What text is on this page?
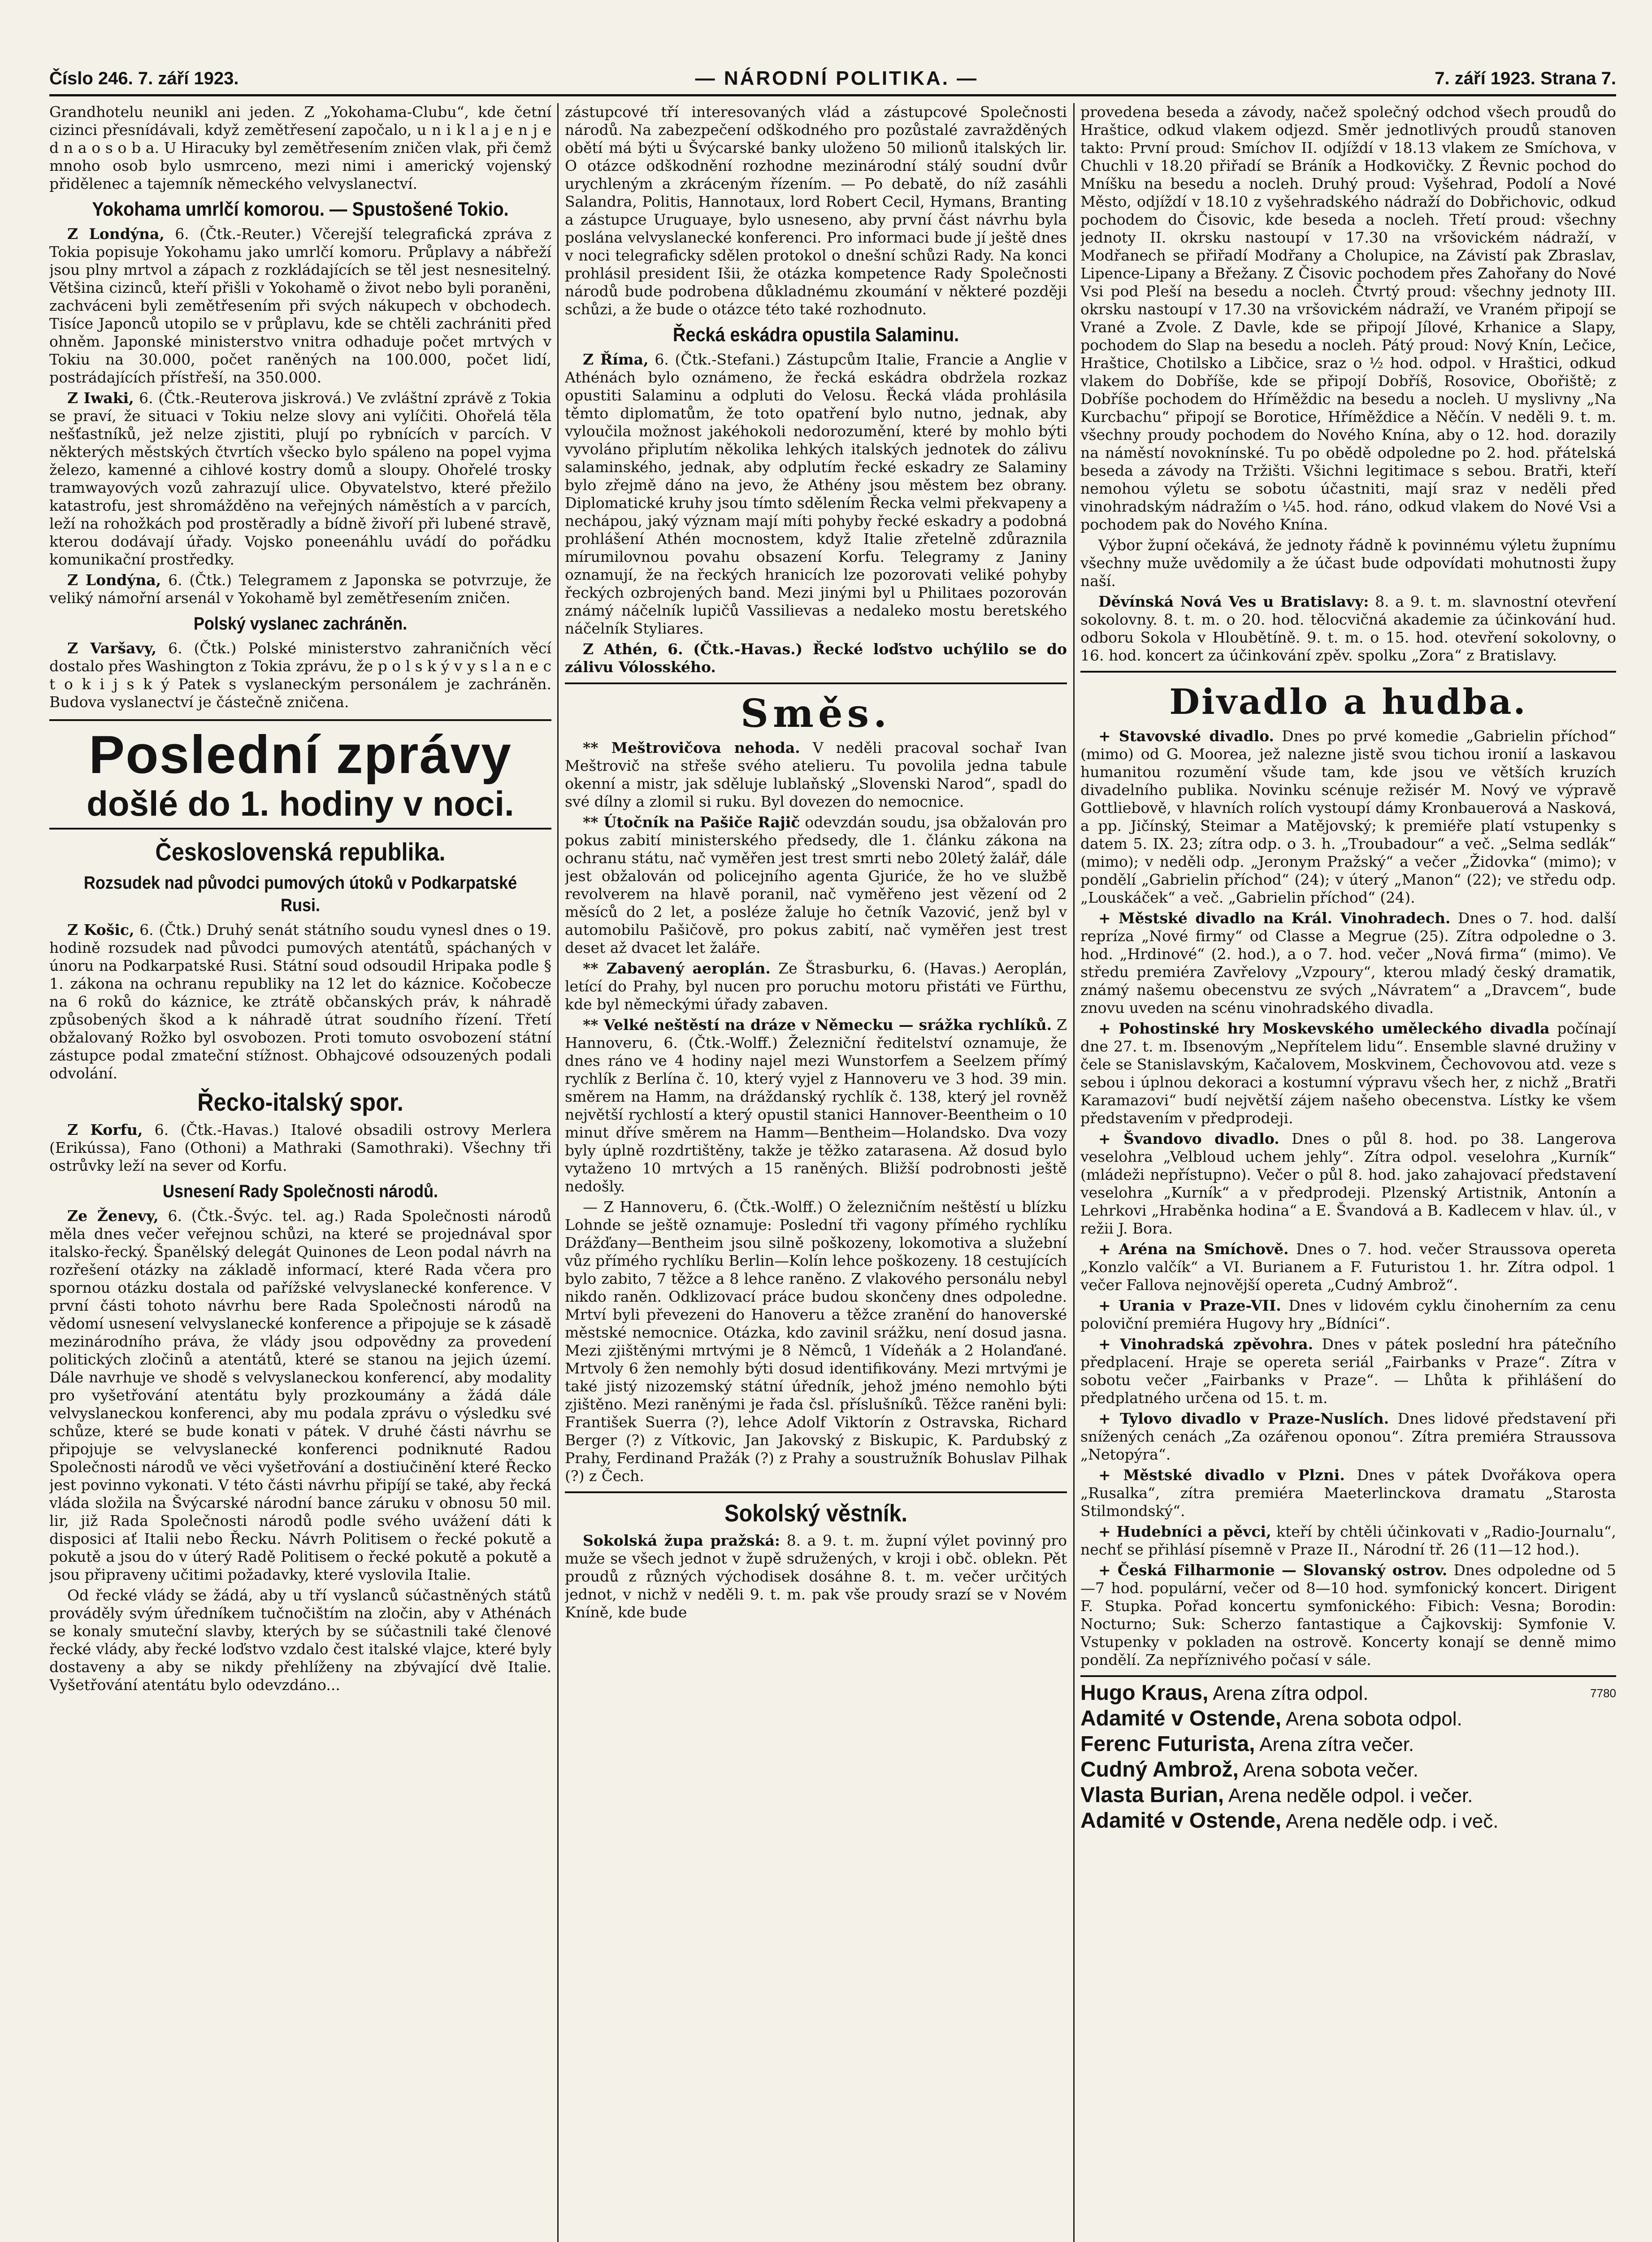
Číslo 246. 7. září 1923.	— NÁRODNÍ POLITIKA. —	7. září 1923. Strana 7.

Grandhotelu neunikl ani jeden. Z „Yokohama-Clubu“, kde četní cizinci přesnídávali, když zemětřesení započalo, u n i k l a j e n j e d n a o s o b a. U Hiracuky byl zemětřesením zničen vlak, při čemž mnoho osob bylo usmrceno, mezi nimi i americký vojenský přidělenec a tajemník německého velvyslanectví.

Yokohama umrlčí komorou. — Spustošené Tokio.

Z Londýna, 6. (Čtk.-Reuter.) Včerejší telegrafická zpráva z Tokia popisuje Yokohamu jako umrlčí komoru. Průplavy a nábřeží jsou plny mrtvol a zápach z rozkládajících se těl jest nesnesitelný. Většina cizinců, kteří přišli v Yokohamě o život nebo byli poraněni, zachváceni byli zemětřesením při svých nákupech v obchodech. Tisíce Japonců utopilo se v průplavu, kde se chtěli zachrániti před ohněm. Japonské ministerstvo vnitra odhaduje počet mrtvých v Tokiu na 30.000, počet raněných na 100.000, počet lidí, postrádajících přístřeší, na 350.000.

Z Iwaki, 6. (Čtk.-Reuterova jiskrová.) Ve zvláštní zprávě z Tokia se praví, že situaci v Tokiu nelze slovy ani vylíčiti. Ohořelá těla nešťastníků, jež nelze zjistiti, plují po rybnících v parcích. V některých městských čtvrtích všecko bylo spáleno na popel vyjma železo, kamenné a cihlové kostry domů a sloupy. Ohořelé trosky tramwayových vozů zahrazují ulice. Obyvatelstvo, které přežilo katastrofu, jest shromážděno na veřejných náměstích a v parcích, leží na rohožkách pod prostěradly a bídně živoří při lubené stravě, kterou dodávají úřady. Vojsko poneenáhlu uvádí do pořádku komunikační prostředky.

Z Londýna, 6. (Čtk.) Telegramem z Japonska se potvrzuje, že veliký námořní arsenál v Yokohamě byl zemětřesením zničen.

Polský vyslanec zachráněn.

Z Varšavy, 6. (Čtk.) Polské ministerstvo zahraničních věcí dostalo přes Washington z Tokia zprávu, že p o l s k ý v y s l a n e c t o k i j s k ý Patek s vyslaneckým personálem je zachráněn. Budova vyslanectví je částečně zničena.

Poslední zprávy
došlé do 1. hodiny v noci.
Československá republika.
Rozsudek nad původci pumových útoků v Podkarpatské Rusi.

Z Košic, 6. (Čtk.) Druhý senát státního soudu vynesl dnes o 19. hodině rozsudek nad původci pumových atentátů, spáchaných v únoru na Podkarpatské Rusi. Státní soud odsoudil Hripaka podle § 1. zákona na ochranu republiky na 12 let do káznice. Kočobecze na 6 roků do káznice, ke ztrátě občanských práv, k náhradě způsobených škod a k náhradě útrat soudního řízení. Třetí obžalovaný Rožko byl osvobozen. Proti tomuto osvobození státní zástupce podal zmateční stížnost. Obhajcové odsouzených podali odvolání.

Řecko-italský spor.

Z Korfu, 6. (Čtk.-Havas.) Italové obsadili ostrovy Merlera (Erikússa), Fano (Othoni) a Mathraki (Samothraki). Všechny tři ostrůvky leží na sever od Korfu.

Usnesení Rady Společnosti národů.

Ze Ženevy, 6. (Čtk.-Švýc. tel. ag.) Rada Společnosti národů měla dnes večer veřejnou schůzi, na které se projednával spor italsko-řecký. Španělský delegát Quinones de Leon podal návrh na rozřešení otázky na základě informací, které Rada včera pro spornou otázku dostala od pařížské velvyslanecké konference. V první části tohoto návrhu bere Rada Společnosti národů na vědomí usnesení velvyslanecké konference a připojuje se k zásadě mezinárodního práva, že vlády jsou odpovědny za provedení politických zločinů a atentátů, které se stanou na jejich území. Dále navrhuje ve shodě s velvyslaneckou konferencí, aby modality pro vyšetřování atentátu byly prozkoumány a žádá dále velvyslaneckou konferenci, aby mu podala zprávu o výsledku své schůze, které se bude konati v pátek. V druhé části návrhu se připojuje se velvyslanecké konferenci podniknuté Radou Společnosti národů ve věci vyšetřování a dostiučinění které Řecko jest povinno vykonati. V této části návrhu připíjí se také, aby řecká vláda složila na Švýcarské národní bance záruku v obnosu 50 mil. lir, již Rada Společnosti národů podle svého uvážení dáti k disposici ať Italii nebo Řecku. Návrh Politisem o řecké pokutě a pokutě a jsou do v úterý Radě Politisem o řecké pokutě a pokutě a jsou připraveny učitimi požadavky, které vyslovila Italie.

Od řecké vlády se žádá, aby u tří vyslanců súčastněných států prováděly svým úředníkem tučnočištím na zločin, aby v Athénách se konaly smuteční slavby, kterých by se súčastnili také členové řecké vlády, aby řecké loďstvo vzdalo čest italské vlajce, které byly dostaveny a aby se nikdy přehlíženy na zbývající dvě Italie. Vyšetřování atentátu bylo odevzdáno...

zástupcové tří interesovaných vlád a zástupcové Společnosti národů. Na zabezpečení odškodného pro pozůstalé zavražděných obětí má býti u Švýcarské banky uloženo 50 milionů italských lir. O otázce odškodnění rozhodne mezinárodní stálý soudní dvůr urychleným a zkráceným řízením. — Po debatě, do níž zasáhli Salandra, Politis, Hannotaux, lord Robert Cecil, Hymans, Branting a zástupce Uruguaye, bylo usneseno, aby první část návrhu byla poslána velvyslanecké konferenci. Pro informaci bude jí ještě dnes v noci telegraficky sdělen protokol o dnešní schůzi Rady. Na konci prohlásil president Išii, že otázka kompetence Rady Společnosti národů bude podrobena důkladnému zkoumání v některé později schůzi, a že bude o otázce této také rozhodnuto.

Řecká eskádra opustila Salaminu.

Z Říma, 6. (Čtk.-Stefani.) Zástupcům Italie, Francie a Anglie v Athénách bylo oznámeno, že řecká eskádra obdržela rozkaz opustiti Salaminu a odpluti do Velosu. Řecká vláda prohlásila těmto diplomatům, že toto opatření bylo nutno, jednak, aby vyloučila možnost jakéhokoli nedorozumění, které by mohlo býti vyvoláno připlutím několika lehkých italských jednotek do zálivu salaminského, jednak, aby odplutím řecké eskadry ze Salaminy bylo zřejmě dáno na jevo, že Athény jsou městem bez obrany. Diplomatické kruhy jsou tímto sdělením Řecka velmi překvapeny a nechápou, jaký význam mají míti pohyby řecké eskadry a podobná prohlášení Athén mocnostem, když Italie zřetelně zdůraznila mírumilovnou povahu obsazení Korfu. Telegramy z Janiny oznamují, že na řeckých hranicích lze pozorovati veliké pohyby řeckých ozbrojených band. Mezi jinými byl u Philitaes pozorován známý náčelník lupičů Vassilievas a nedaleko mostu beretského náčelník Styliares.

Z Athén, 6. (Čtk.-Havas.) Řecké loďstvo uchýlilo se do zálivu Vólosského.

Směs.

** Meštrovičova nehoda. V neděli pracoval sochař Ivan Meštrovič na střeše svého atelieru. Tu povolila jedna tabule okenní a mistr, jak sděluje lublaňský „Slovenski Narod“, spadl do své dílny a zlomil si ruku. Byl dovezen do nemocnice.

** Útočník na Pašiče Rajič odevzdán soudu, jsa obžalován pro pokus zabití ministerského předsedy, dle 1. článku zákona na ochranu státu, nač vyměřen jest trest smrti nebo 20letý žalář, dále jest obžalován od policejního agenta Gjuriće, že ho ve službě revolverem na hlavě poranil, nač vyměřeno jest vězení od 2 měsíců do 2 let, a posléze žaluje ho četník Vazović, jenž byl v automobilu Pašičově, pro pokus zabití, nač vyměřen jest trest deset až dvacet let žaláře.

** Zabavený aeroplán. Ze Štrasburku, 6. (Havas.) Aeroplán, letící do Prahy, byl nucen pro poruchu motoru přistáti ve Fürthu, kde byl německými úřady zabaven.

** Velké neštěstí na dráze v Německu — srážka rychlíků. Z Hannoveru, 6. (Čtk.-Wolff.) Železniční ředitelství oznamuje, že dnes ráno ve 4 hodiny najel mezi Wunstorfem a Seelzem přímý rychlík z Berlína č. 10, který vyjel z Hannoveru ve 3 hod. 39 min. směrem na Hamm, na dráždanský rychlík č. 138, který jel rovněž největší rychlostí a který opustil stanici Hannover-Beentheim o 10 minut dříve směrem na Hamm—Bentheim—Holandsko. Dva vozy byly úplně rozdrtištěny, takže je těžko zatarasena. Až dosud bylo vytaženo 10 mrtvých a 15 raněných. Bližší podrobnosti ještě nedošly.

— Z Hannoveru, 6. (Čtk.-Wolff.) O železničním neštěstí u blízku Lohnde se ještě oznamuje: Poslední tři vagony přímého rychlíku Drážďany—Bentheim jsou silně poškozeny, lokomotiva a služební vůz přímého rychlíku Berlin—Kolín lehce poškozeny. 18 cestujících bylo zabito, 7 těžce a 8 lehce raněno. Z vlakového personálu nebyl nikdo raněn. Odklizovací práce budou skončeny dnes odpoledne. Mrtví byli převezeni do Hanoveru a těžce zranění do hanoverské městské nemocnice. Otázka, kdo zavinil srážku, není dosud jasna. Mezi zjištěnými mrtvými je 8 Němců, 1 Vídeňák a 2 Holanďané. Mrtvoly 6 žen nemohly býti dosud identifikovány. Mezi mrtvými je také jistý nizozemský státní úředník, jehož jméno nemohlo býti zjištěno. Mezi raněnými je řada čsl. příslušníků. Těžce raněni byli: František Suerra (?), lehce Adolf Viktorín z Ostravska, Richard Berger (?) z Vítkovic, Jan Jakovský z Biskupic, K. Pardubský z Prahy, Ferdinand Pražák (?) z Prahy a soustružník Bohuslav Pilhak (?) z Čech.

Sokolský věstník.

Sokolská župa pražská: 8. a 9. t. m. župní výlet povinný pro muže se všech jednot v župě sdružených, v kroji i obč. oblekn. Pět proudů z různých východisek dosáhne 8. t. m. večer určitých jednot, v nichž v neděli 9. t. m. pak vše proudy srazí se v Novém Kníně, kde bude

provedena beseda a závody, načež společný odchod všech proudů do Hraštice, odkud vlakem odjezd. Směr jednotlivých proudů stanoven takto: První proud: Smíchov II. odjíždí v 18.13 vlakem ze Smíchova, v Chuchli v 18.20 přiřadí se Bráník a Hodkovičky. Z Řevnic pochod do Mníšku na besedu a nocleh. Druhý proud: Vyšehrad, Podolí a Nové Město, odjíždí v 18.10 z vyšehradského nádraží do Dobřichovic, odkud pochodem do Čisovic, kde beseda a nocleh. Třetí proud: všechny jednoty II. okrsku nastoupí v 17.30 na vršovickém nádraží, v Modřanech se přiřadí Modřany a Cholupice, na Závistí pak Zbraslav, Lipence-Lipany a Břežany. Z Čisovic pochodem přes Zahořany do Nové Vsi pod Pleší na besedu a nocleh. Čtvrtý proud: všechny jednoty III. okrsku nastoupí v 17.30 na vršovickém nádraží, ve Vraném připojí se Vrané a Zvole. Z Davle, kde se připojí Jílové, Krhanice a Slapy, pochodem do Slap na besedu a nocleh. Pátý proud: Nový Knín, Lečice, Hraštice, Chotilsko a Libčice, sraz o ½ hod. odpol. v Hraštici, odkud vlakem do Dobříše, kde se připojí Dobříš, Rosovice, Obořiště; z Dobříše pochodem do Hříměždic na besedu a nocleh. U myslivny „Na Kurcbachu“ připojí se Borotice, Hříměždice a Něčín. V neděli 9. t. m. všechny proudy pochodem do Nového Knína, aby o 12. hod. dorazily na náměstí novoknínské. Tu po obědě odpoledne po 2. hod. přátelská beseda a závody na Tržišti. Všichni legitimace s sebou. Bratři, kteří nemohou výletu se sobotu účastniti, mají sraz v neděli před vinohradským nádražím o ¼5. hod. ráno, odkud vlakem do Nové Vsi a pochodem pak do Nového Knína.

Výbor župní očekává, že jednoty řádně k povinnému výletu župnímu všechny muže uvědomily a že účast bude odpovídati mohutnosti župy naší.

Děvínská Nová Ves u Bratislavy: 8. a 9. t. m. slavnostní otevření sokolovny. 8. t. m. o 20. hod. tělocvičná akademie za účinkování hud. odboru Sokola v Hloubětíně. 9. t. m. o 15. hod. otevření sokolovny, o 16. hod. koncert za účinkování zpěv. spolku „Zora“ z Bratislavy.

Divadlo a hudba.

+ Stavovské divadlo. Dnes po prvé komedie „Gabrielin příchod“ (mimo) od G. Moorea, jež nalezne jistě svou tichou ironií a laskavou humanitou rozumění všude tam, kde jsou ve větších kruzích divadelního publika. Novinku scénuje režisér M. Nový ve výpravě Gottliebově, v hlavních rolích vystoupí dámy Kronbauerová a Nasková, a pp. Jičínský, Steimar a Matějovský; k premiéře platí vstupenky s datem 5. IX. 23; zítra odp. o 3. h. „Troubadour“ a več. „Selma sedlák“ (mimo); v neděli odp. „Jeronym Pražský“ a večer „Židovka“ (mimo); v pondělí „Gabrielin příchod“ (24); v úterý „Manon“ (22); ve středu odp. „Louskáček“ a več. „Gabrielin příchod“ (24).

+ Městské divadlo na Král. Vinohradech. Dnes o 7. hod. další repríza „Nové firmy“ od Classe a Megrue (25). Zítra odpoledne o 3. hod. „Hrdinové“ (2. hod.), a o 7. hod. večer „Nová firma“ (mimo). Ve středu premiéra Zavřelovy „Vzpoury“, kterou mladý český dramatik, známý našemu obecenstvu ze svých „Návratem“ a „Dravcem“, bude znovu uveden na scénu vinohradského divadla.

+ Pohostinské hry Moskevského uměleckého divadla počínají dne 27. t. m. Ibsenovým „Nepřítelem lidu“. Ensemble slavné družiny v čele se Stanislavským, Kačalovem, Moskvinem, Čechovovou atd. veze s sebou i úplnou dekoraci a kostumní výpravu všech her, z nichž „Bratři Karamazovi“ budí největší zájem našeho obecenstva. Lístky ke všem představením v předprodeji.

+ Švandovo divadlo. Dnes o půl 8. hod. po 38. Langerova veselohra „Velbloud uchem jehly“. Zítra odpol. veselohra „Kurník“ (mládeži nepřístupno). Večer o půl 8. hod. jako zahajovací představení veselohra „Kurník“ a v předprodeji. Plzenský Artistnik, Antonín a Lehrkovi „Hraběnka hodina“ a E. Švandová a B. Kadlecem v hlav. úl., v režii J. Bora.

+ Aréna na Smíchově. Dnes o 7. hod. večer Straussova opereta „Konzlo valčík“ a VI. Burianem a F. Futuristou 1. hr. Zítra odpol. 1 večer Fallova nejnovější opereta „Cudný Ambrož“.

+ Urania v Praze-VII. Dnes v lidovém cyklu činoherním za cenu poloviční premiéra Hugovy hry „Bídníci“.

+ Vinohradská zpěvohra. Dnes v pátek poslední hra pátečního předplacení. Hraje se opereta seriál „Fairbanks v Praze“. Zítra v sobotu večer „Fairbanks v Praze“. — Lhůta k přihlášení do předplatného určena od 15. t. m.

+ Tylovo divadlo v Praze-Nuslích. Dnes lidové představení při snížených cenách „Za ozářenou oponou“. Zítra premiéra Straussova „Netopýra“.

+ Městské divadlo v Plzni. Dnes v pátek Dvořákova opera „Rusalka“, zítra premiéra Maeterlinckova dramatu „Starosta Stilmondský“.

+ Hudebníci a pěvci, kteří by chtěli účinkovati v „Radio-Journalu“, nechť se přihlásí písemně v Praze II., Národní tř. 26 (11—12 hod.).

+ Česká Filharmonie — Slovanský ostrov. Dnes odpoledne od 5—7 hod. populární, večer od 8—10 hod. symfonický koncert. Dirigent F. Stupka. Pořad koncertu symfonického: Fibich: Vesna; Borodin: Nocturno; Suk: Scherzo fantastique a Čajkovskij: Symfonie V. Vstupenky v pokladen na ostrově. Koncerty konají se denně mimo pondělí. Za nepříznivého počasí v sále.

Hugo Kraus, Arena zítra odpol.	7780
Adamité v Ostende, Arena sobota odpol.
Ferenc Futurista, Arena zítra večer.
Cudný Ambrož, Arena sobota večer.
Vlasta Burian, Arena neděle odpol. i večer.
Adamité v Ostende, Arena neděle odp. i več.
